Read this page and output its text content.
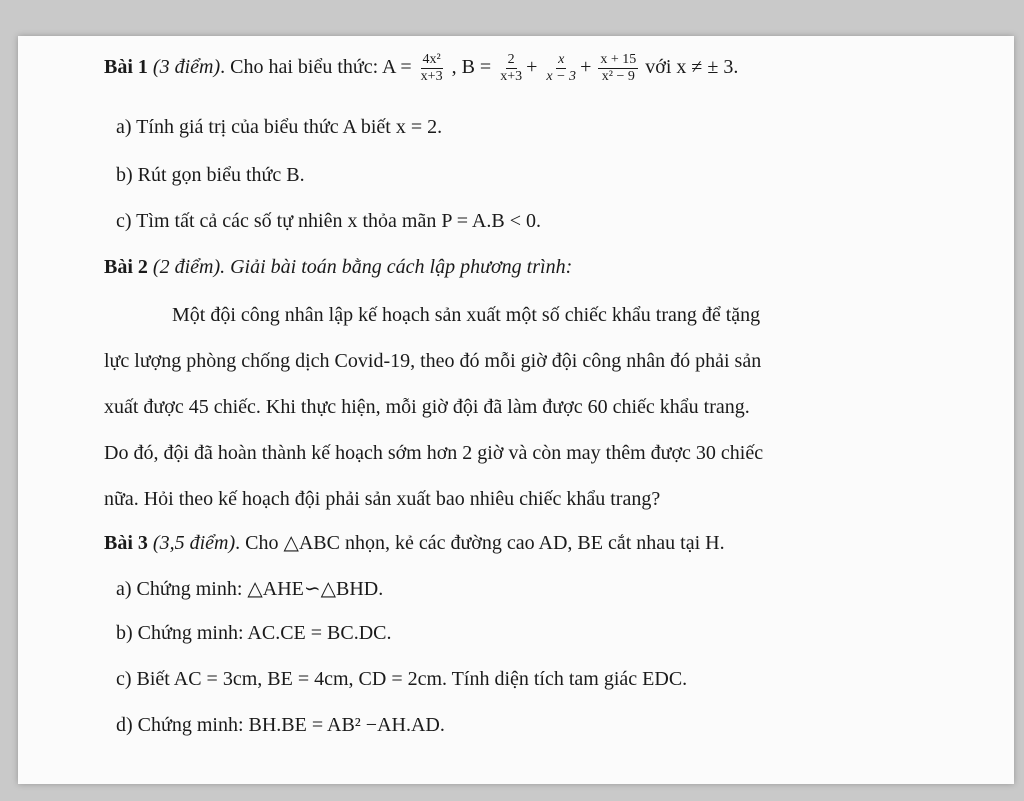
Bài 1 (3 điểm). Cho hai biểu thức: $A = \frac{\text{4x²}}{x+3}$ , $B = \frac{2}{x+3} + \frac{x}{x - 3} + \frac{x + 15}{\text{x² − 9}}$ với x ≠ ± 3.
a) Tính giá trị của biểu thức A biết x = 2.
b) Rút gọn biểu thức B.
c) Tìm tất cả các số tự nhiên x thỏa mãn P = A.B < 0.
Bài 2 (2 điểm). Giải bài toán bằng cách lập phương trình:
Một đội công nhân lập kế hoạch sản xuất một số chiếc khẩu trang để tặng
lực lượng phòng chống dịch Covid-19, theo đó mỗi giờ đội công nhân đó phải sản
xuất được 45 chiếc. Khi thực hiện, mỗi giờ đội đã làm được 60 chiếc khẩu trang.
Do đó, đội đã hoàn thành kế hoạch sớm hơn 2 giờ và còn may thêm được 30 chiếc
nữa. Hỏi theo kế hoạch đội phải sản xuất bao nhiêu chiếc khẩu trang?
Bài 3 (3,5 điểm). Cho △ABC nhọn, kẻ các đường cao AD, BE cắt nhau tại H.
a) Chứng minh: △AHE∽△BHD.
b) Chứng minh: AC.CE = BC.DC.
c) Biết AC = 3cm, BE = 4cm, CD = 2cm. Tính diện tích tam giác EDC.
d) Chứng minh: BH.BE = AB² −AH.AD.
